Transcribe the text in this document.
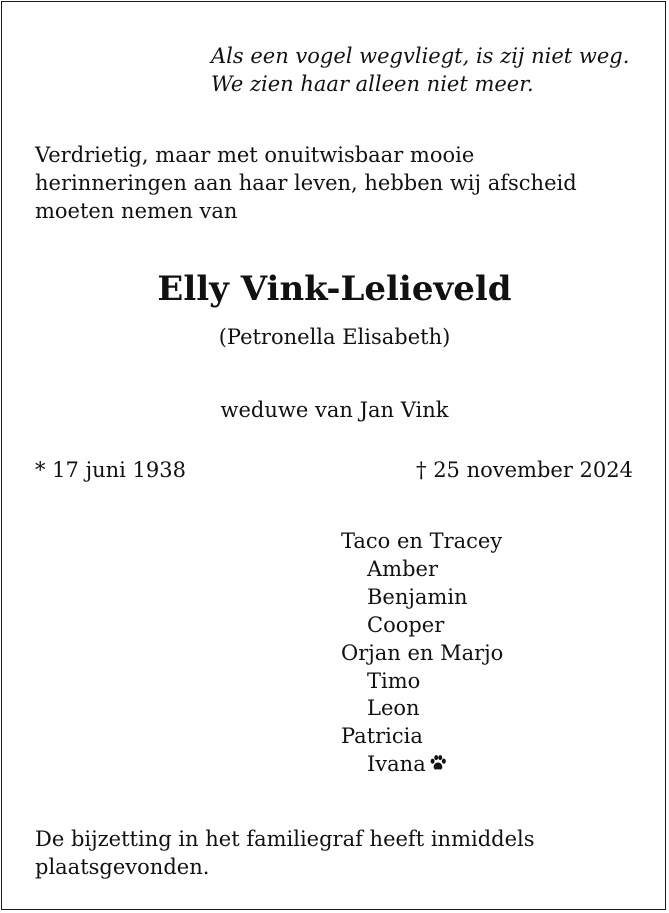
Als een vogel wegvliegt, is zij niet weg.
We zien haar alleen niet meer.
Verdrietig, maar met onuitwisbaar mooie
herinneringen aan haar leven, hebben wij afscheid
moeten nemen van
Elly Vink-Lelieveld
(Petronella Elisabeth)
weduwe van Jan Vink
* 17 juni 1938	† 25 november 2024
Taco en Tracey
Amber
Benjamin
Cooper
Orjan en Marjo
Timo
Leon
Patricia
Ivana
De bijzetting in het familiegraf heeft inmiddels
plaatsgevonden.
